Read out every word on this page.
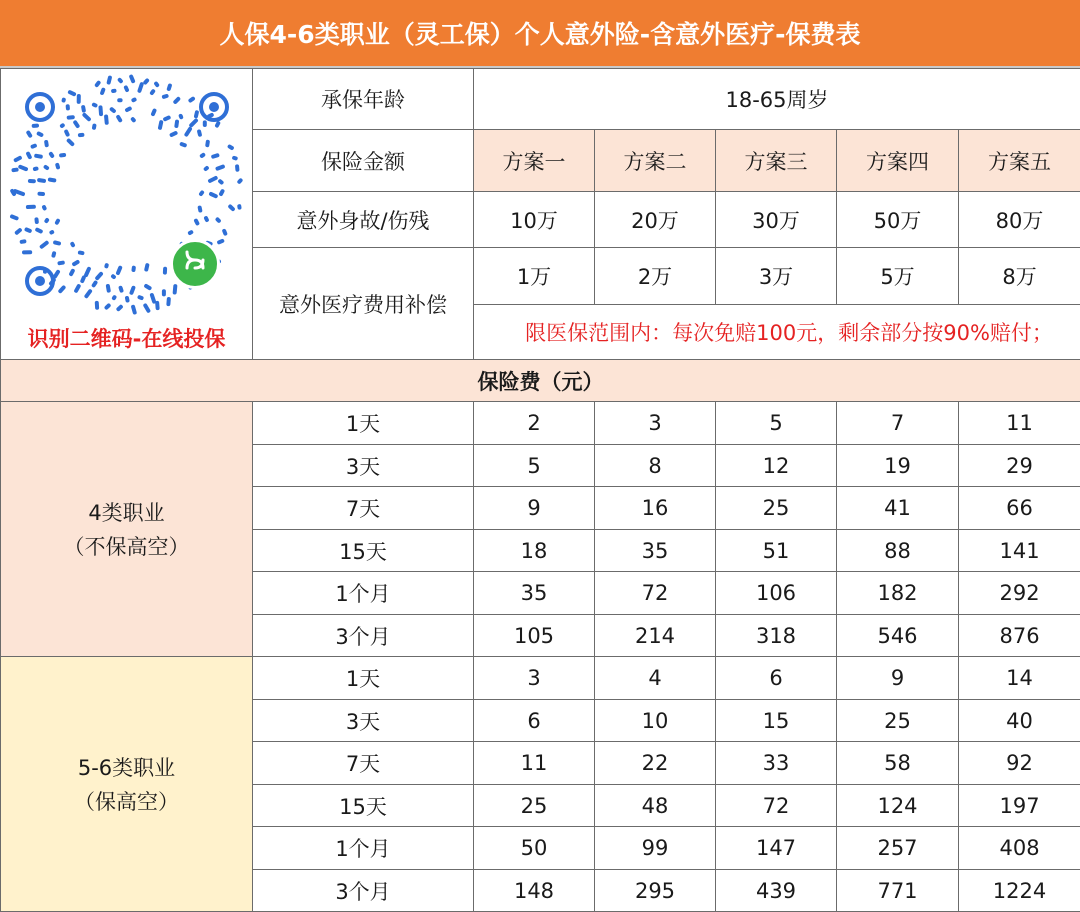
人保4-6类职业（灵工保）个人意外险-含意外医疗-保费表
识别二维码-在线投保	承保年龄	18-65周岁				
	保险金额	方案一	方案二	方案三	方案四	方案五
	意外身故/伤残	10万	20万	30万	50万	80万
	意外医疗费用补偿	1万	2万	3万	5万	8万
		限医保范围内：每次免赔100元，剩余部分按90%赔付；				
保险费（元）						

4类职业
（不保高空）	1天	2	3	5	7	11
	3天	5	8	12	19	29
	7天	9	16	25	41	66
	15天	18	35	51	88	141
	1个月	35	72	106	182	292
	3个月	105	214	318	546	876

5-6类职业
（保高空）	1天	3	4	6	9	14
	3天	6	10	15	25	40
	7天	11	22	33	58	92
	15天	25	48	72	124	197
	1个月	50	99	147	257	408
	3个月	148	295	439	771	1224
